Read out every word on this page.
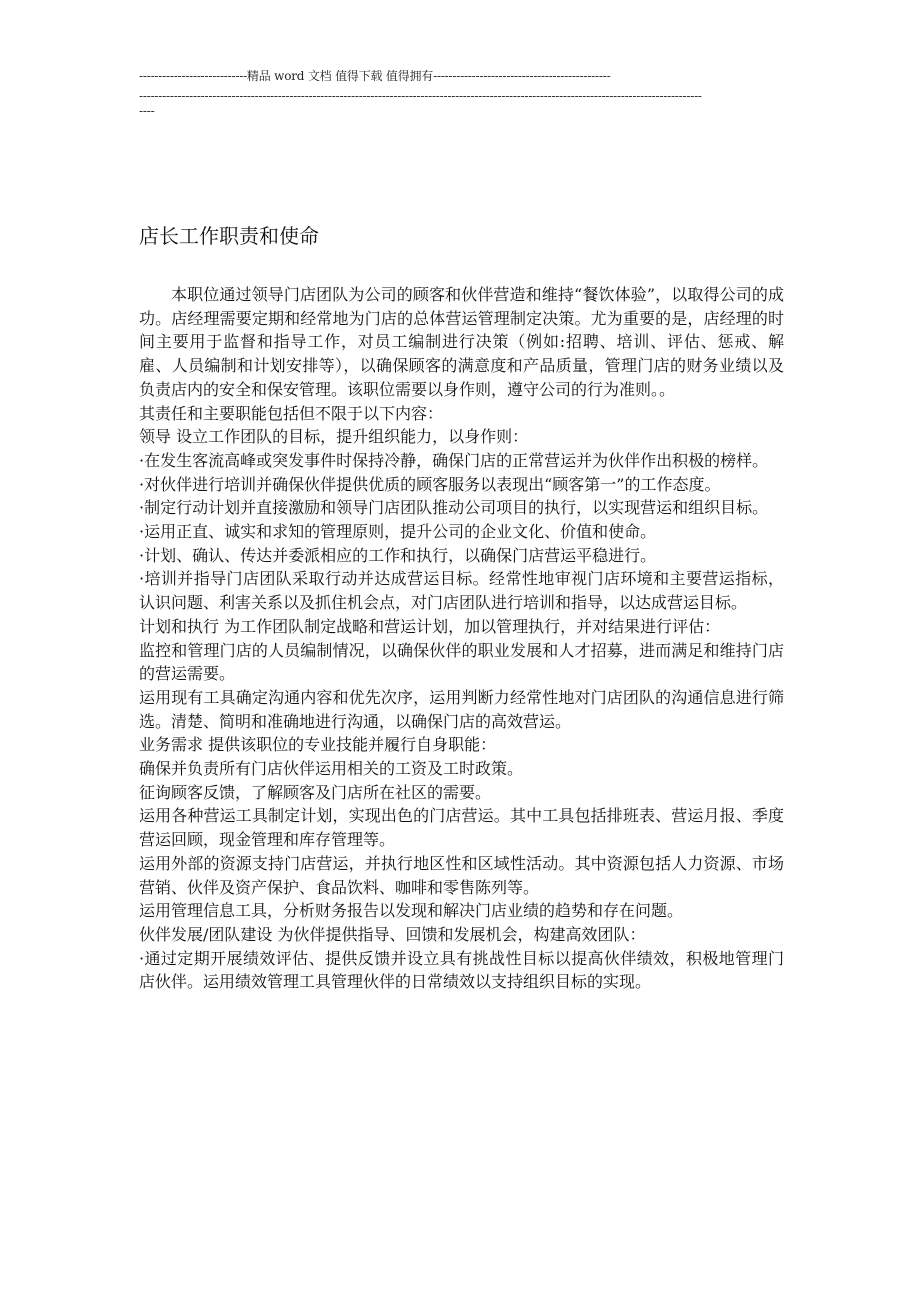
----------------------------精品 word 文档 值得下载 值得拥有----------------------------------------------
--------------------------------------------------------------------------------------------------------------------------------------------------
----
店长工作职责和使命

本职位通过领导门店团队为公司的顾客和伙伴营造和维持“餐饮体验”，以取得公司的成功。店经理需要定期和经常地为门店的总体营运管理制定决策。尤为重要的是，店经理的时间主要用于监督和指导工作，对员工编制进行决策（例如:招聘、培训、评估、惩戒、解雇、人员编制和计划安排等），以确保顾客的满意度和产品质量，管理门店的财务业绩以及负责店内的安全和保安管理。该职位需要以身作则，遵守公司的行为准则。。

其责任和主要职能包括但不限于以下内容：

领导 设立工作团队的目标，提升组织能力，以身作则：

·在发生客流高峰或突发事件时保持冷静，确保门店的正常营运并为伙伴作出积极的榜样。

·对伙伴进行培训并确保伙伴提供优质的顾客服务以表现出“顾客第一”的工作态度。

·制定行动计划并直接激励和领导门店团队推动公司项目的执行，以实现营运和组织目标。

·运用正直、诚实和求知的管理原则，提升公司的企业文化、价值和使命。

·计划、确认、传达并委派相应的工作和执行，以确保门店营运平稳进行。

·培训并指导门店团队采取行动并达成营运目标。经常性地审视门店环境和主要营运指标，认识问题、利害关系以及抓住机会点，对门店团队进行培训和指导，以达成营运目标。

计划和执行 为工作团队制定战略和营运计划，加以管理执行，并对结果进行评估：

监控和管理门店的人员编制情况，以确保伙伴的职业发展和人才招募，进而满足和维持门店的营运需要。

运用现有工具确定沟通内容和优先次序，运用判断力经常性地对门店团队的沟通信息进行筛选。清楚、简明和准确地进行沟通，以确保门店的高效营运。

业务需求 提供该职位的专业技能并履行自身职能：

确保并负责所有门店伙伴运用相关的工资及工时政策。

征询顾客反馈，了解顾客及门店所在社区的需要。

运用各种营运工具制定计划，实现出色的门店营运。其中工具包括排班表、营运月报、季度营运回顾，现金管理和库存管理等。

运用外部的资源支持门店营运，并执行地区性和区域性活动。其中资源包括人力资源、市场营销、伙伴及资产保护、食品饮料、咖啡和零售陈列等。

运用管理信息工具，分析财务报告以发现和解决门店业绩的趋势和存在问题。

伙伴发展/团队建设 为伙伴提供指导、回馈和发展机会，构建高效团队：

·通过定期开展绩效评估、提供反馈并设立具有挑战性目标以提高伙伴绩效，积极地管理门店伙伴。运用绩效管理工具管理伙伴的日常绩效以支持组织目标的实现。
